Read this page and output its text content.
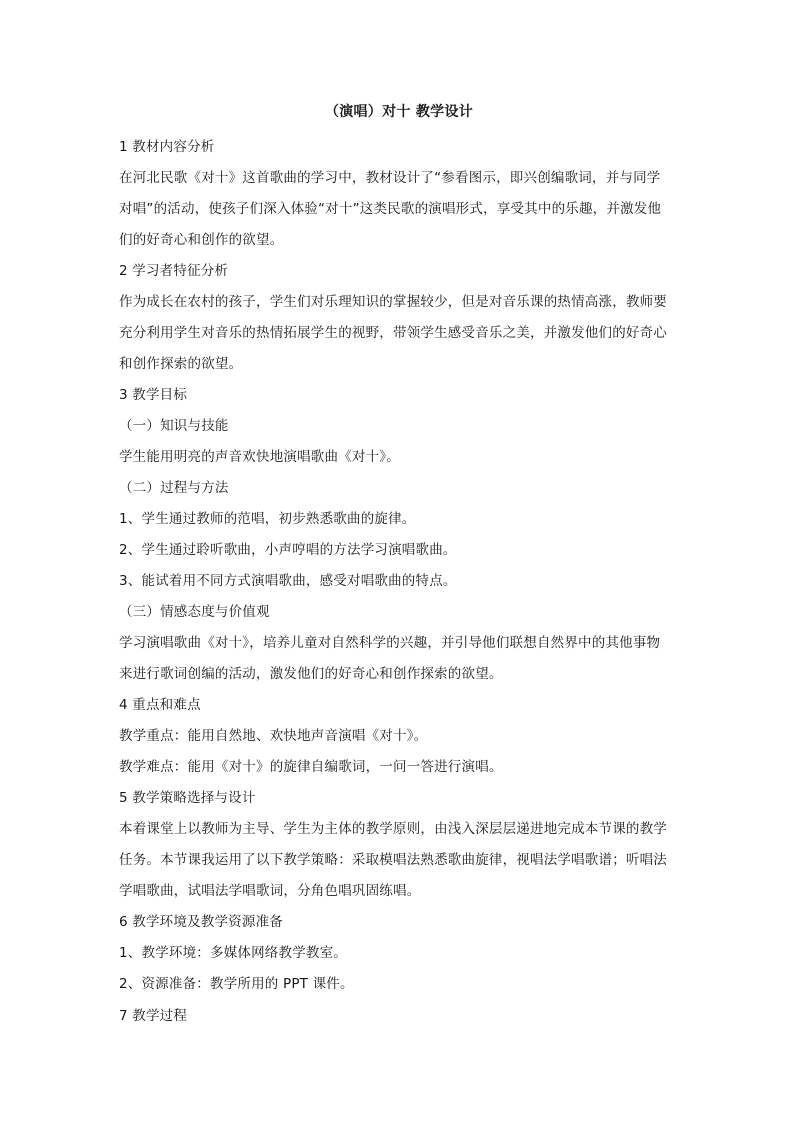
（演唱）对十 教学设计
1 教材内容分析
在河北民歌《对十》这首歌曲的学习中，教材设计了“参看图示，即兴创编歌词，并与同学
对唱”的活动，使孩子们深入体验“对十”这类民歌的演唱形式，享受其中的乐趣，并激发他
们的好奇心和创作的欲望。
2 学习者特征分析
作为成长在农村的孩子，学生们对乐理知识的掌握较少，但是对音乐课的热情高涨，教师要
充分利用学生对音乐的热情拓展学生的视野，带领学生感受音乐之美，并激发他们的好奇心
和创作探索的欲望。
3 教学目标
（一）知识与技能
学生能用明亮的声音欢快地演唱歌曲《对十》。
（二）过程与方法
1、学生通过教师的范唱，初步熟悉歌曲的旋律。
2、学生通过聆听歌曲，小声哼唱的方法学习演唱歌曲。
3、能试着用不同方式演唱歌曲，感受对唱歌曲的特点。
（三）情感态度与价值观
学习演唱歌曲《对十》，培养儿童对自然科学的兴趣，并引导他们联想自然界中的其他事物
来进行歌词创编的活动，激发他们的好奇心和创作探索的欲望。
4 重点和难点
教学重点：能用自然地、欢快地声音演唱《对十》。
教学难点：能用《对十》的旋律自编歌词，一问一答进行演唱。
5 教学策略选择与设计
本着课堂上以教师为主导、学生为主体的教学原则，由浅入深层层递进地完成本节课的教学
任务。本节课我运用了以下教学策略：采取模唱法熟悉歌曲旋律，视唱法学唱歌谱；听唱法
学唱歌曲，试唱法学唱歌词，分角色唱巩固练唱。
6 教学环境及教学资源准备
1、教学环境：多媒体网络教学教室。
2、资源准备：教学所用的 PPT 课件。
7 教学过程
